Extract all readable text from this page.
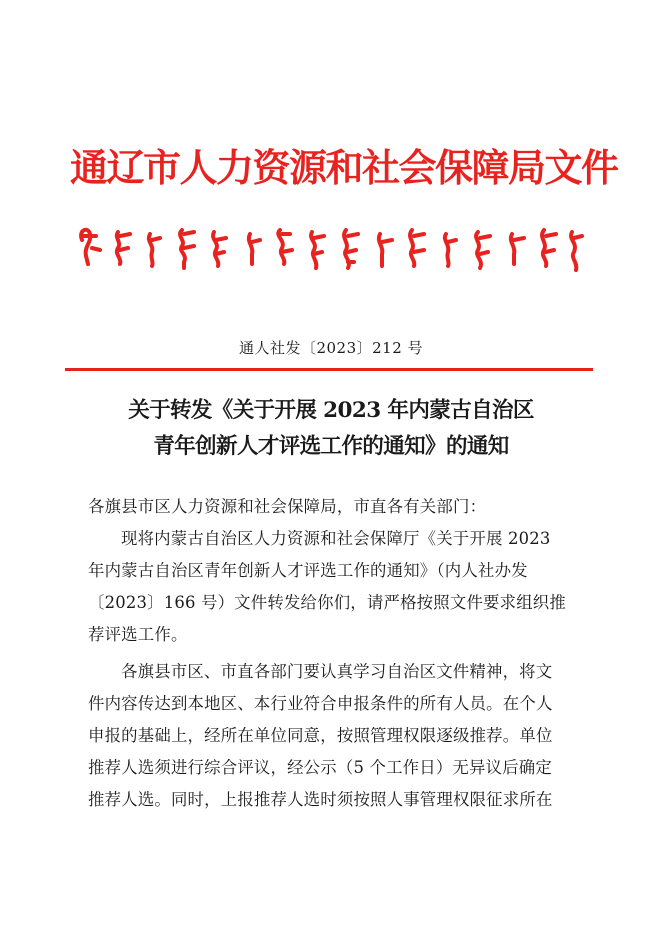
通辽市人力资源和社会保障局文件
通人社发〔2023〕212 号
关于转发《关于开展 2023 年内蒙古自治区
青年创新人才评选工作的通知》的通知

各旗县市区人力资源和社会保障局，市直各有关部门：

现将内蒙古自治区人力资源和社会保障厅《关于开展 2023
年内蒙古自治区青年创新人才评选工作的通知》（内人社办发
〔2023〕166 号）文件转发给你们，请严格按照文件要求组织推
荐评选工作。

各旗县市区、市直各部门要认真学习自治区文件精神，将文
件内容传达到本地区、本行业符合申报条件的所有人员。在个人
申报的基础上，经所在单位同意，按照管理权限逐级推荐。单位
推荐人选须进行综合评议，经公示（5 个工作日）无异议后确定
推荐人选。同时，上报推荐人选时须按照人事管理权限征求所在
